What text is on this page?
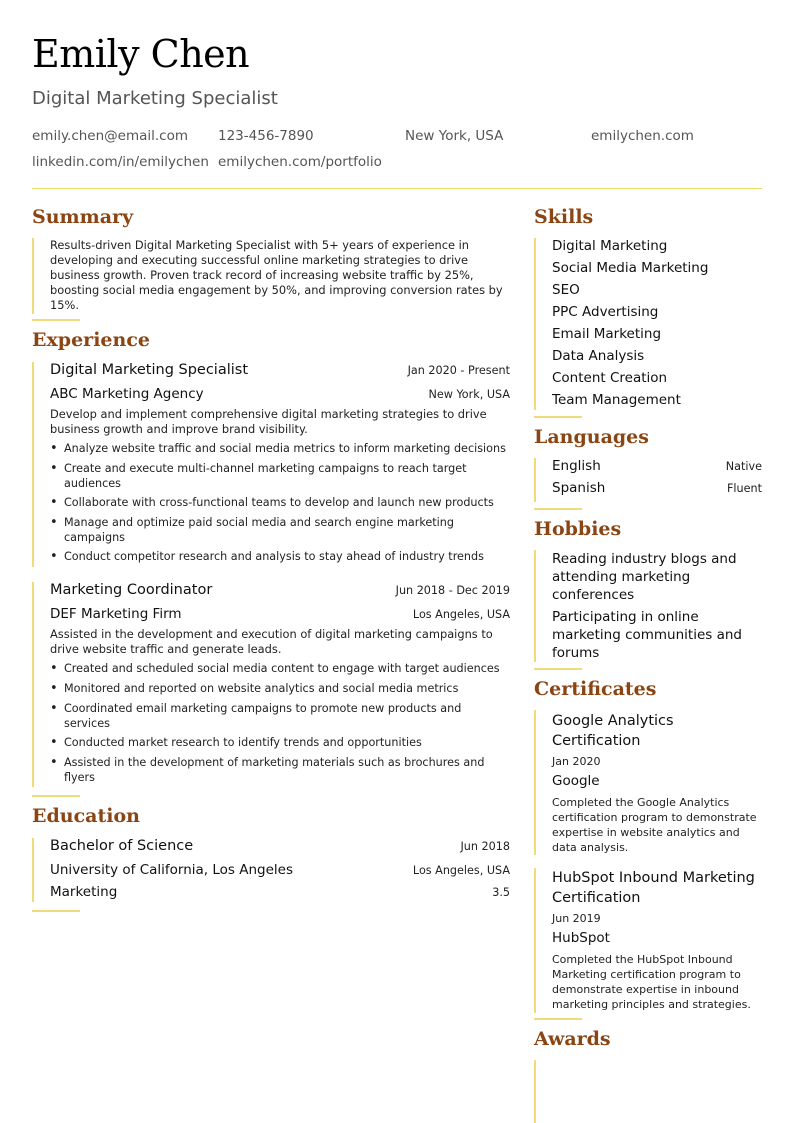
Emily Chen
Digital Marketing Specialist
emily.chen@email.com 123-456-7890	New York, USA	emilychen.com
linkedin.com/in/emilychen emilychen.com/portfolio
Summary
Results-driven Digital Marketing Specialist with 5+ years of experience in developing and executing successful online marketing strategies to drive business growth. Proven track record of increasing website traffic by 25%, boosting social media engagement by 50%, and improving conversion rates by 15%.
Experience
Digital Marketing Specialist	Jan 2020 - Present
ABC Marketing Agency	New York, USA
Develop and implement comprehensive digital marketing strategies to drive business growth and improve brand visibility.
• Analyze website traffic and social media metrics to inform marketing decisions
• Create and execute multi-channel marketing campaigns to reach target audiences
• Collaborate with cross-functional teams to develop and launch new products
• Manage and optimize paid social media and search engine marketing campaigns
• Conduct competitor research and analysis to stay ahead of industry trends
Marketing Coordinator	Jun 2018 - Dec 2019
DEF Marketing Firm	Los Angeles, USA
Assisted in the development and execution of digital marketing campaigns to drive website traffic and generate leads.
• Created and scheduled social media content to engage with target audiences
• Monitored and reported on website analytics and social media metrics
• Coordinated email marketing campaigns to promote new products and services
• Conducted market research to identify trends and opportunities
• Assisted in the development of marketing materials such as brochures and flyers
Education
Bachelor of Science	Jun 2018
University of California, Los Angeles	Los Angeles, USA
Marketing	3.5
Skills
Digital Marketing
Social Media Marketing
SEO
PPC Advertising
Email Marketing
Data Analysis
Content Creation
Team Management
Languages
English	Native
Spanish	Fluent
Hobbies
Reading industry blogs and attending marketing conferences
Participating in online marketing communities and forums
Certificates
Google Analytics Certification
Jan 2020
Google
Completed the Google Analytics certification program to demonstrate expertise in website analytics and data analysis.
HubSpot Inbound Marketing Certification
Jun 2019
HubSpot
Completed the HubSpot Inbound Marketing certification program to demonstrate expertise in inbound marketing principles and strategies.
Awards
